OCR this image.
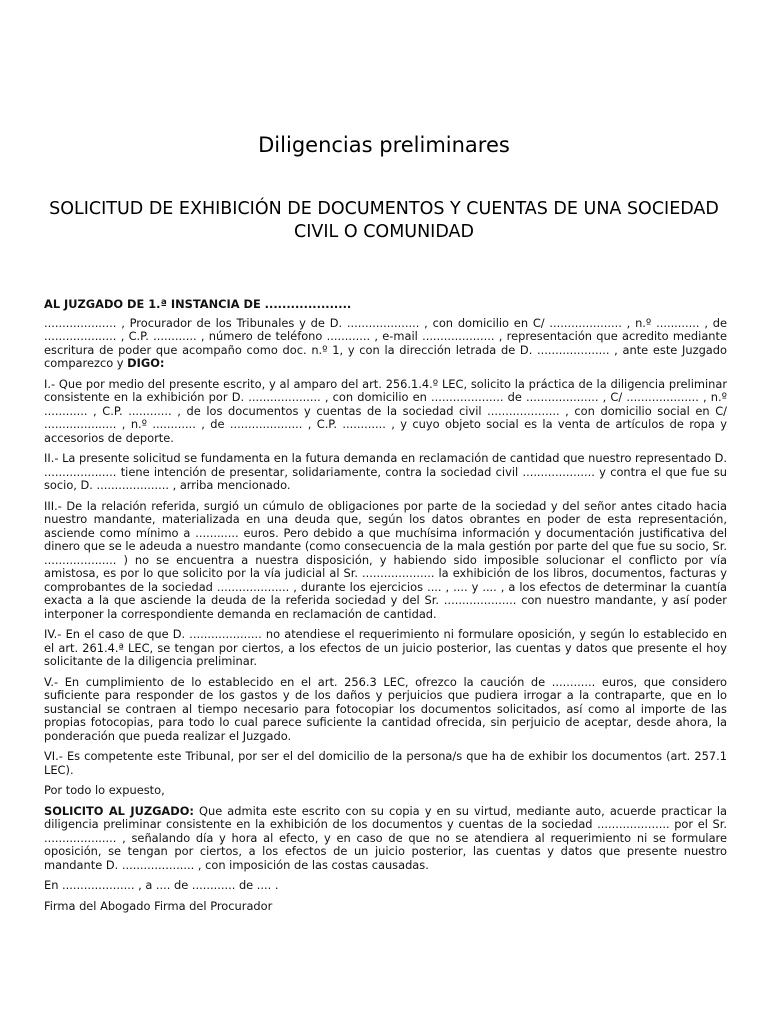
Diligencias preliminares
SOLICITUD DE EXHIBICIÓN DE DOCUMENTOS Y CUENTAS DE UNA SOCIEDAD CIVIL O COMUNIDAD

AL JUZGADO DE 1.ª INSTANCIA DE ....................

.................... , Procurador de los Tribunales y de D. .................... , con domicilio en C/ .................... , n.º ............ , de .................... , C.P. ............ , número de teléfono ............ , e-mail .................... , representación que acredito mediante escritura de poder que acompaño como doc. n.º 1, y con la dirección letrada de D. .................... , ante este Juzgado comparezco y DIGO:

I.- Que por medio del presente escrito, y al amparo del art. 256.1.4.º LEC, solicito la práctica de la diligencia preliminar consistente en la exhibición por D. .................... , con domicilio en .................... de .................... , C/ .................... , n.º ............ , C.P. ............ , de los documentos y cuentas de la sociedad civil .................... , con domicilio social en C/ .................... , n.º ............ , de .................... , C.P. ............ , y cuyo objeto social es la venta de artículos de ropa y accesorios de deporte.

II.- La presente solicitud se fundamenta en la futura demanda en reclamación de cantidad que nuestro representado D. .................... tiene intención de presentar, solidariamente, contra la sociedad civil .................... y contra el que fue su socio, D. .................... , arriba mencionado.

III.- De la relación referida, surgió un cúmulo de obligaciones por parte de la sociedad y del señor antes citado hacia nuestro mandante, materializada en una deuda que, según los datos obrantes en poder de esta representación, asciende como mínimo a ............ euros. Pero debido a que muchísima información y documentación justificativa del dinero que se le adeuda a nuestro mandante (como consecuencia de la mala gestión por parte del que fue su socio, Sr. .................... ) no se encuentra a nuestra disposición, y habiendo sido imposible solucionar el conflicto por vía amistosa, es por lo que solicito por la vía judicial al Sr. .................... la exhibición de los libros, documentos, facturas y comprobantes de la sociedad .................... , durante los ejercicios .... , .... y .... , a los efectos de determinar la cuantía exacta a la que asciende la deuda de la referida sociedad y del Sr. .................... con nuestro mandante, y así poder interponer la correspondiente demanda en reclamación de cantidad.

IV.- En el caso de que D. .................... no atendiese el requerimiento ni formulare oposición, y según lo establecido en el art. 261.4.ª LEC, se tengan por ciertos, a los efectos de un juicio posterior, las cuentas y datos que presente el hoy solicitante de la diligencia preliminar.

V.- En cumplimiento de lo establecido en el art. 256.3 LEC, ofrezco la caución de ............ euros, que considero suficiente para responder de los gastos y de los daños y perjuicios que pudiera irrogar a la contraparte, que en lo sustancial se contraen al tiempo necesario para fotocopiar los documentos solicitados, así como al importe de las propias fotocopias, para todo lo cual parece suficiente la cantidad ofrecida, sin perjuicio de aceptar, desde ahora, la ponderación que pueda realizar el Juzgado.

VI.- Es competente este Tribunal, por ser el del domicilio de la persona/s que ha de exhibir los documentos (art. 257.1 LEC).

Por todo lo expuesto,

SOLICITO AL JUZGADO: Que admita este escrito con su copia y en su virtud, mediante auto, acuerde practicar la diligencia preliminar consistente en la exhibición de los documentos y cuentas de la sociedad .................... por el Sr. .................... , señalando día y hora al efecto, y en caso de que no se atendiera al requerimiento ni se formulare oposición, se tengan por ciertos, a los efectos de un juicio posterior, las cuentas y datos que presente nuestro mandante D. .................... , con imposición de las costas causadas.

En .................... , a .... de ............ de .... .

Firma del Abogado Firma del Procurador
